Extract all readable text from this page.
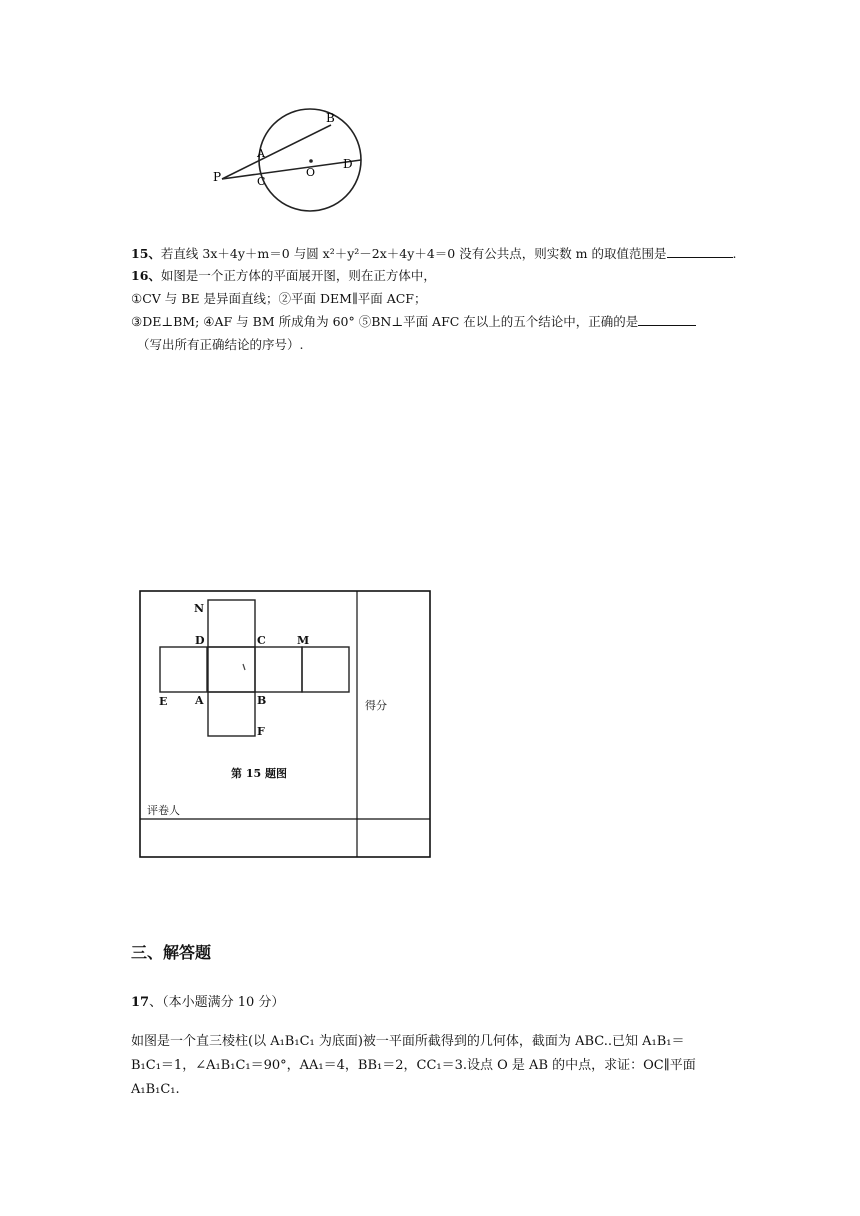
P
A
C
B
O
D
15、若直线 3x＋4y＋m＝0 与圆 x²＋y²－2x＋4y＋4＝0 没有公共点，则实数 m 的取值范围是	.
16、如图是一个正方体的平面展开图，则在正方体中，
①CV 与 BE 是异面直线；②平面 DEM∥平面 ACF；
③DE⊥BM; ④AF 与 BM 所成角为 60° ⑤BN⊥平面 AFC 在以上的五个结论中，正确的是
（写出所有正确结论的序号）.
N
D	C	M
E	A	B
F
第 15 题图
得分
评卷人
三、解答题
17、（本小题满分 10 分）
如图是一个直三棱柱(以 A₁B₁C₁ 为底面)被一平面所截得到的几何体，截面为 ABC..已知 A₁B₁＝
B₁C₁＝1，∠A₁B₁C₁＝90°，AA₁＝4，BB₁＝2，CC₁＝3.设点 O 是 AB 的中点，求证：OC∥平面
A₁B₁C₁.
